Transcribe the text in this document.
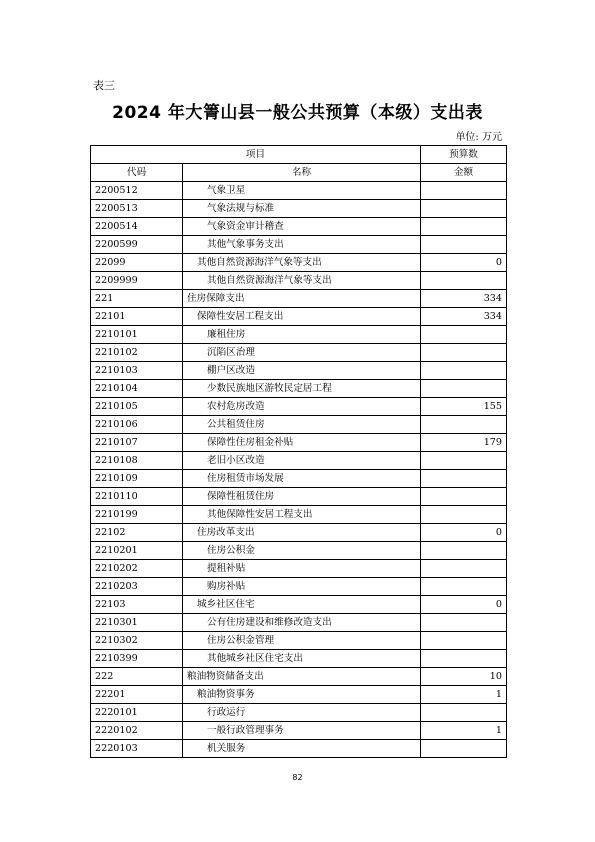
表三
2024 年大箐山县一般公共预算（本级）支出表
单位: 万元
项目		预算数
代码	名称	金额
2200512	气象卫星	
2200513	气象法规与标准	
2200514	气象资金审计稽查	
2200599	其他气象事务支出	
22099	其他自然资源海洋气象等支出	0
2209999	其他自然资源海洋气象等支出	
221	住房保障支出	334
22101	保障性安居工程支出	334
2210101	廉租住房	
2210102	沉陷区治理	
2210103	棚户区改造	
2210104	少数民族地区游牧民定居工程	
2210105	农村危房改造	155
2210106	公共租赁住房	
2210107	保障性住房租金补贴	179
2210108	老旧小区改造	
2210109	住房租赁市场发展	
2210110	保障性租赁住房	
2210199	其他保障性安居工程支出	
22102	住房改革支出	0
2210201	住房公积金	
2210202	提租补贴	
2210203	购房补贴	
22103	城乡社区住宅	0
2210301	公有住房建设和维修改造支出	
2210302	住房公积金管理	
2210399	其他城乡社区住宅支出	
222	粮油物资储备支出	10
22201	粮油物资事务	1
2220101	行政运行	
2220102	一般行政管理事务	1
2220103	机关服务	
82
